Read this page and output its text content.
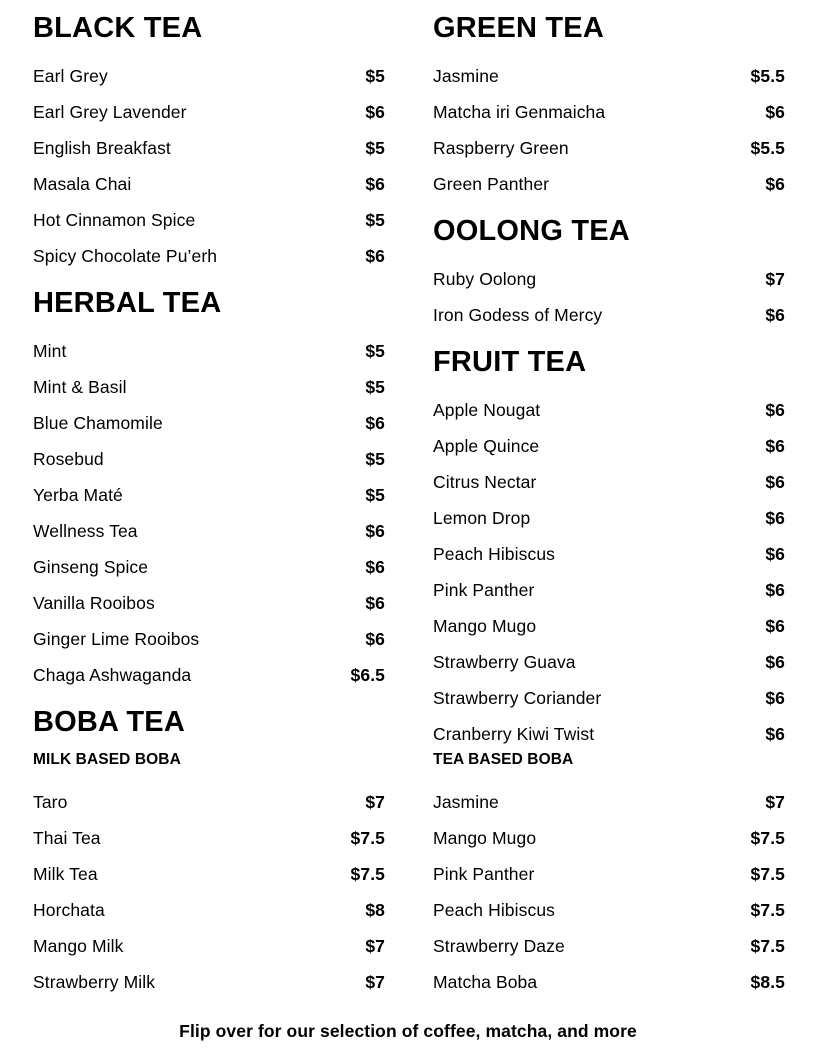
BLACK TEA
Earl Grey	$5
Earl Grey Lavender	$6
English Breakfast	$5
Masala Chai	$6
Hot Cinnamon Spice	$5
Spicy Chocolate Pu’erh	$6
HERBAL TEA
Mint	$5
Mint & Basil	$5
Blue Chamomile	$6
Rosebud	$5
Yerba Maté	$5
Wellness Tea	$6
Ginseng Spice	$6
Vanilla Rooibos	$6
Ginger Lime Rooibos	$6
Chaga Ashwaganda	$6.5
BOBA TEA
MILK BASED BOBA
Taro	$7
Thai Tea	$7.5
Milk Tea	$7.5
Horchata	$8
Mango Milk	$7
Strawberry Milk	$7
GREEN TEA
Jasmine	$5.5
Matcha iri Genmaicha	$6
Raspberry Green	$5.5
Green Panther	$6
OOLONG TEA
Ruby Oolong	$7
Iron Godess of Mercy	$6
FRUIT TEA
Apple Nougat	$6
Apple Quince	$6
Citrus Nectar	$6
Lemon Drop	$6
Peach Hibiscus	$6
Pink Panther	$6
Mango Mugo	$6
Strawberry Guava	$6
Strawberry Coriander	$6
Cranberry Kiwi Twist	$6
TEA BASED BOBA
Jasmine	$7
Mango Mugo	$7.5
Pink Panther	$7.5
Peach Hibiscus	$7.5
Strawberry Daze	$7.5
Matcha Boba	$8.5
Flip over for our selection of coffee, matcha, and more
